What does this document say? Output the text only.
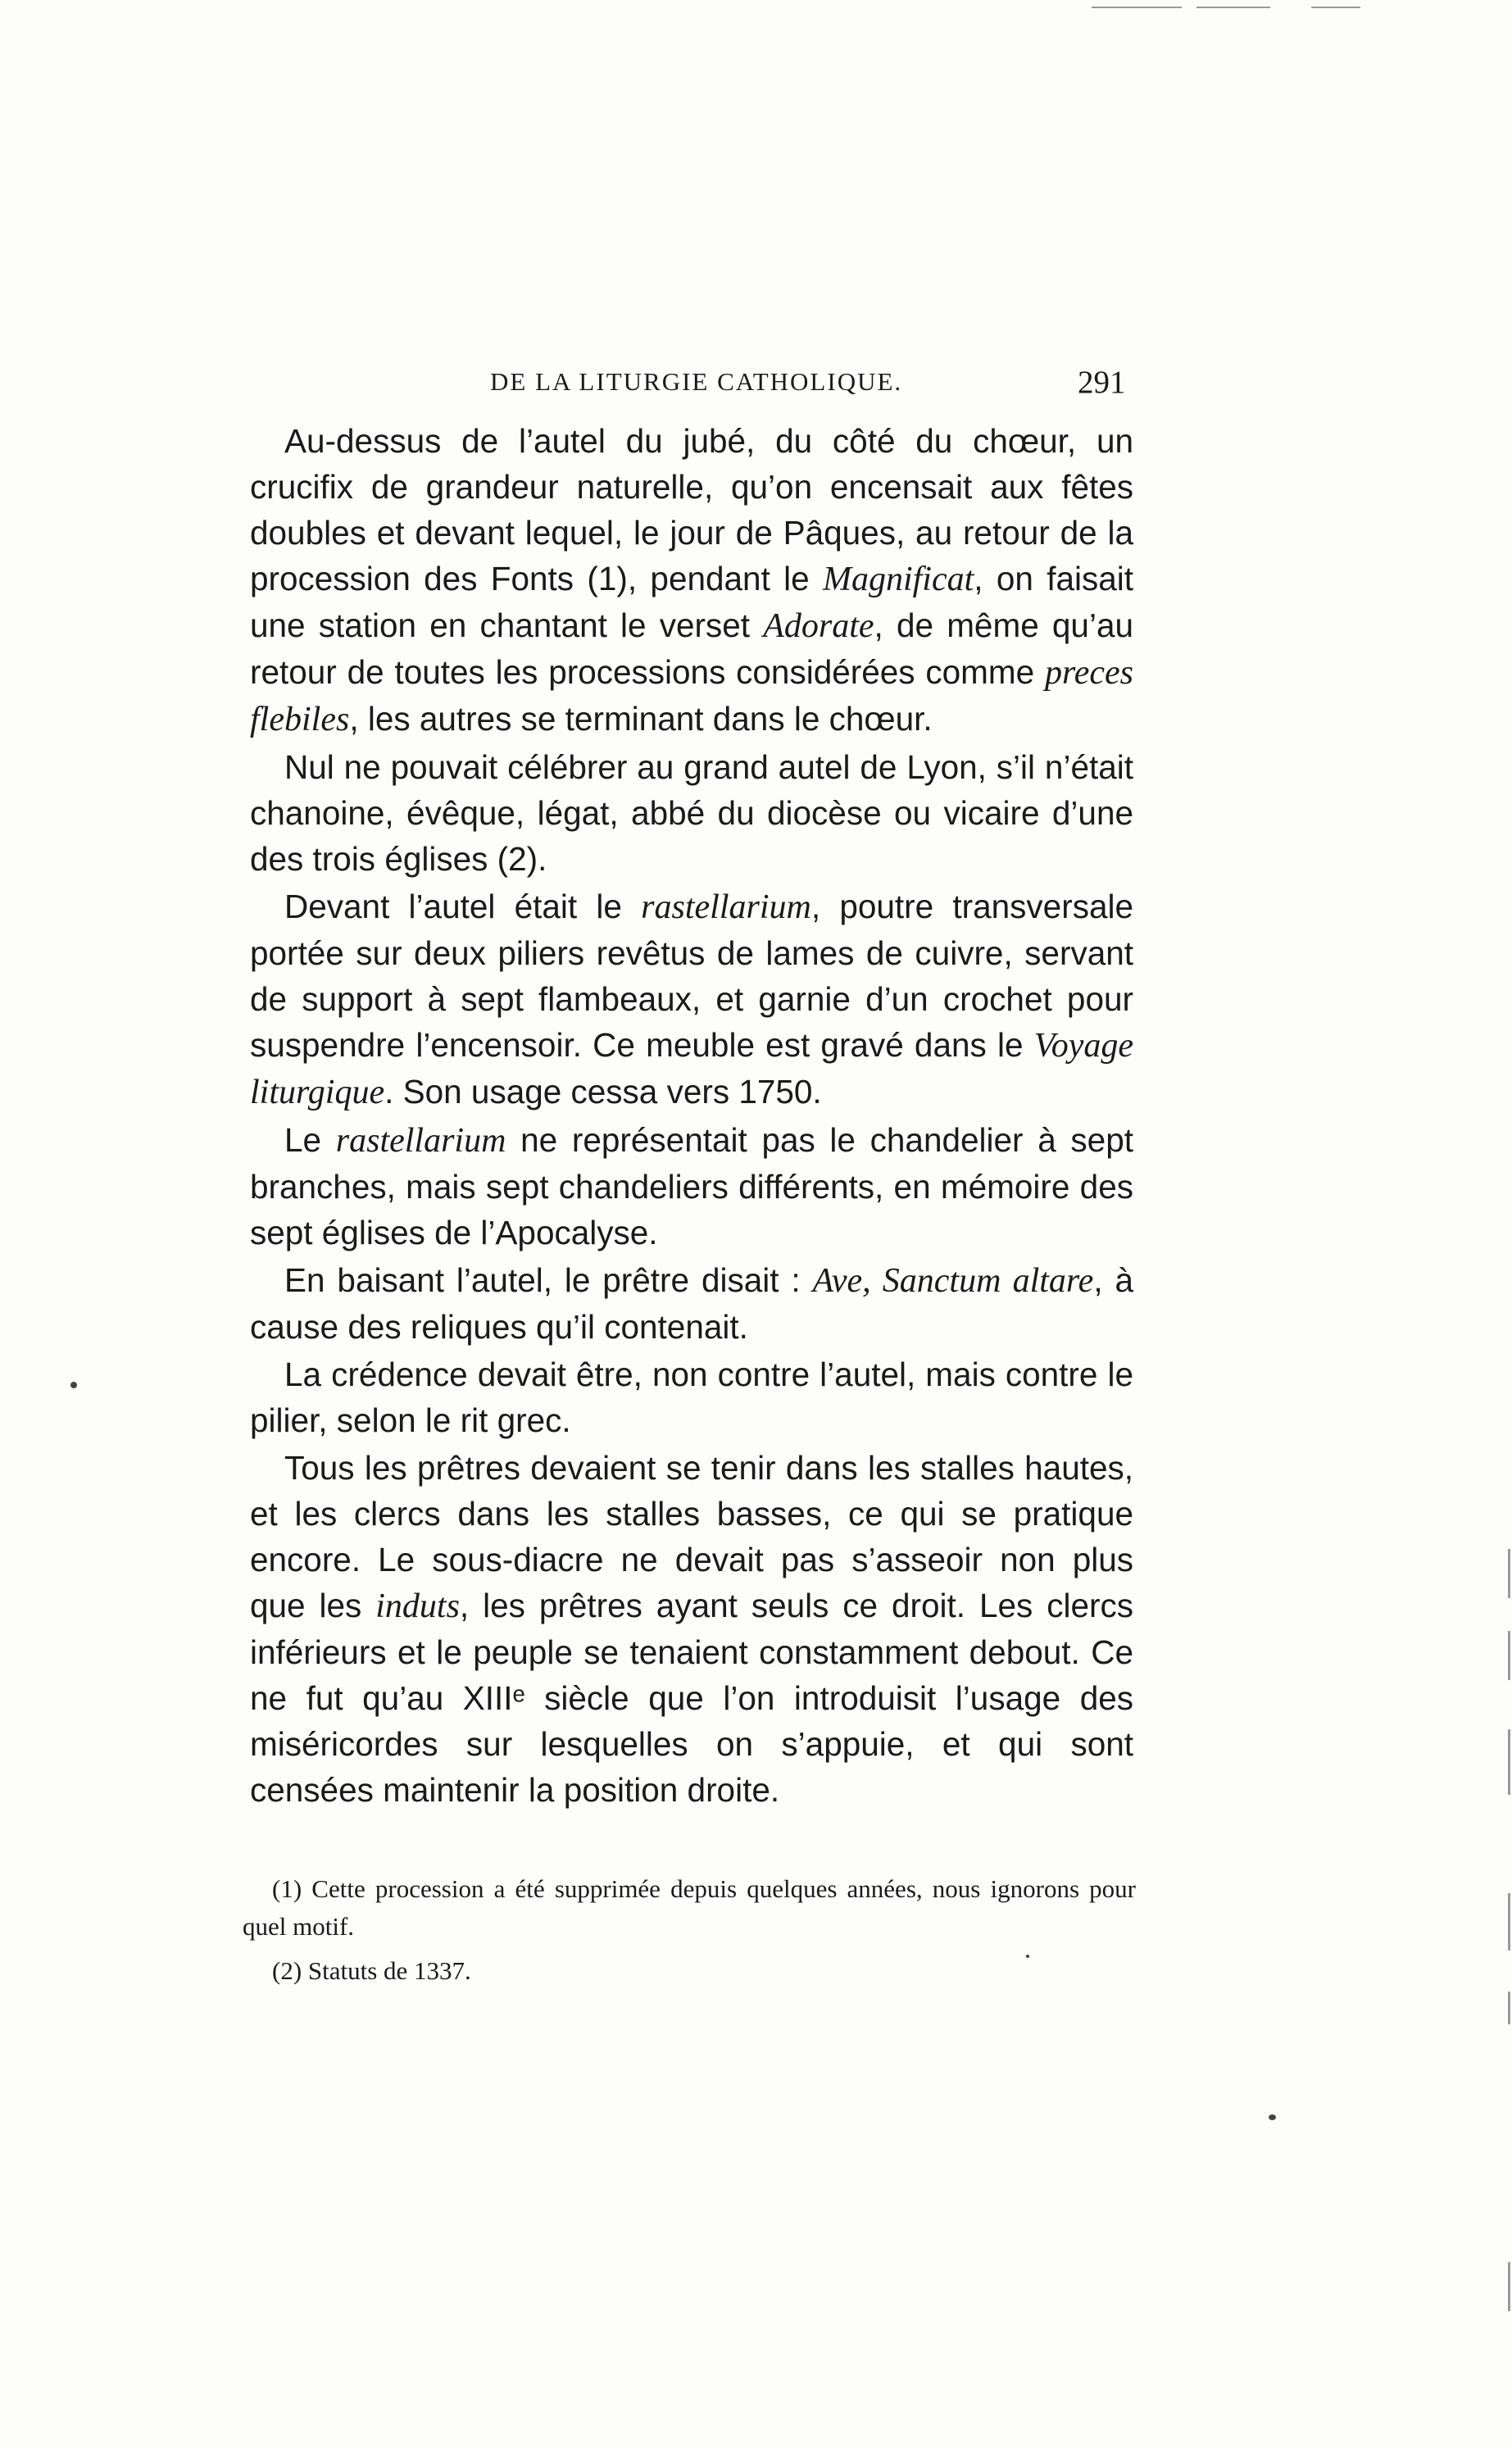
DE LA LITURGIE CATHOLIQUE.	291

Au-dessus de l’autel du jubé, du côté du chœur, un crucifix de grandeur naturelle, qu’on encensait aux fêtes doubles et devant lequel, le jour de Pâques, au retour de la procession des Fonts (1), pendant le Magnificat, on faisait une station en chantant le verset Adorate, de même qu’au retour de toutes les processions considérées comme preces flebiles, les autres se terminant dans le chœur.

Nul ne pouvait célébrer au grand autel de Lyon, s’il n’était chanoine, évêque, légat, abbé du diocèse ou vicaire d’une des trois églises (2).

Devant l’autel était le rastellarium, poutre transversale portée sur deux piliers revêtus de lames de cuivre, servant de support à sept flambeaux, et garnie d’un crochet pour suspendre l’encensoir. Ce meuble est gravé dans le Voyage liturgique. Son usage cessa vers 1750.

Le rastellarium ne représentait pas le chandelier à sept branches, mais sept chandeliers différents, en mémoire des sept églises de l’Apocalyse.

En baisant l’autel, le prêtre disait : Ave, Sanctum altare, à cause des reliques qu’il contenait.

La crédence devait être, non contre l’autel, mais contre le pilier, selon le rit grec.

Tous les prêtres devaient se tenir dans les stalles hautes, et les clercs dans les stalles basses, ce qui se pratique encore. Le sous-diacre ne devait pas s’asseoir non plus que les induts, les prêtres ayant seuls ce droit. Les clercs inférieurs et le peuple se tenaient constamment debout. Ce ne fut qu’au XIIIᵉ siècle que l’on introduisit l’usage des miséricordes sur lesquelles on s’appuie, et qui sont censées maintenir la position droite.

(1) Cette procession a été supprimée depuis quelques années, nous ignorons pour quel motif.

(2) Statuts de 1337.
